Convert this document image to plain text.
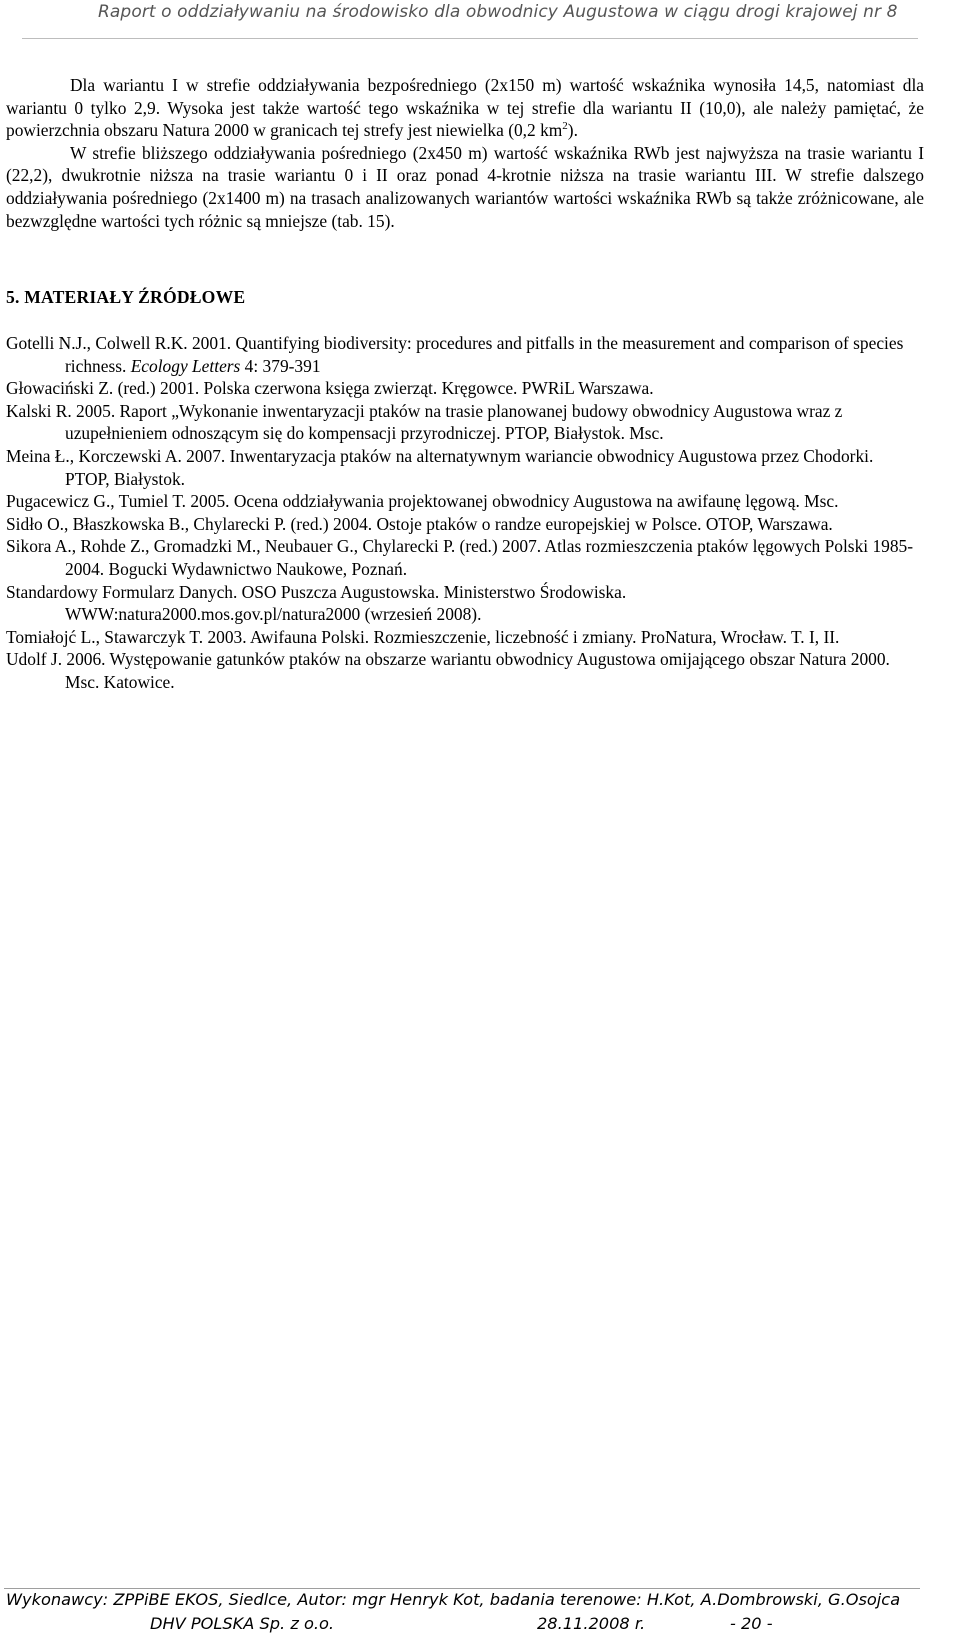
Raport o oddziaływaniu na środowisko dla obwodnicy Augustowa w ciągu drogi krajowej nr 8

Dla wariantu I w strefie oddziaływania bezpośredniego (2x150 m) wartość wskaźnika wynosiła 14,5, natomiast dla wariantu 0 tylko 2,9. Wysoka jest także wartość tego wskaźnika w tej strefie dla wariantu II (10,0), ale należy pamiętać, że powierzchnia obszaru Natura 2000 w granicach tej strefy jest niewielka (0,2 $km^2$).

W strefie bliższego oddziaływania pośredniego (2x450 m) wartość wskaźnika RWb jest najwyższa na trasie wariantu I (22,2), dwukrotnie niższa na trasie wariantu 0 i II oraz ponad 4-krotnie niższa na trasie wariantu III. W strefie dalszego oddziaływania pośredniego (2x1400 m) na trasach analizowanych wariantów wartości wskaźnika RWb są także zróżnicowane, ale bezwzględne wartości tych różnic są mniejsze (tab. 15).

5. MATERIAŁY ŹRÓDŁOWE

Gotelli N.J., Colwell R.K. 2001. Quantifying biodiversity: procedures and pitfalls in the measurement and comparison of species richness. Ecology Letters 4: 379-391

Głowaciński Z. (red.) 2001. Polska czerwona księga zwierząt. Kręgowce. PWRiL Warszawa.

Kalski R. 2005. Raport „Wykonanie inwentaryzacji ptaków na trasie planowanej budowy obwodnicy Augustowa wraz z uzupełnieniem odnoszącym się do kompensacji przyrodniczej. PTOP, Białystok. Msc.

Meina Ł., Korczewski A. 2007. Inwentaryzacja ptaków na alternatywnym wariancie obwodnicy Augustowa przez Chodorki. PTOP, Białystok.

Pugacewicz G., Tumiel T. 2005. Ocena oddziaływania projektowanej obwodnicy Augustowa na awifaunę lęgową. Msc.

Sidło O., Błaszkowska B., Chylarecki P. (red.) 2004. Ostoje ptaków o randze europejskiej w Polsce. OTOP, Warszawa.

Sikora A., Rohde Z., Gromadzki M., Neubauer G., Chylarecki P. (red.) 2007. Atlas rozmieszczenia ptaków lęgowych Polski 1985-2004. Bogucki Wydawnictwo Naukowe, Poznań.

Standardowy Formularz Danych. OSO Puszcza Augustowska. Ministerstwo Środowiska. WWW:natura2000.mos.gov.pl/natura2000 (wrzesień 2008).

Tomiałojć L., Stawarczyk T. 2003. Awifauna Polski. Rozmieszczenie, liczebność i zmiany. ProNatura, Wrocław. T. I, II.

Udolf J. 2006. Występowanie gatunków ptaków na obszarze wariantu obwodnicy Augustowa omijającego obszar Natura 2000. Msc. Katowice.

Wykonawcy: ZPPiBE EKOS, Siedlce, Autor: mgr Henryk Kot, badania terenowe: H.Kot, A.Dombrowski, G.Osojca
DHV POLSKA Sp. z o.o.	28.11.2008 r.	- 20 -
